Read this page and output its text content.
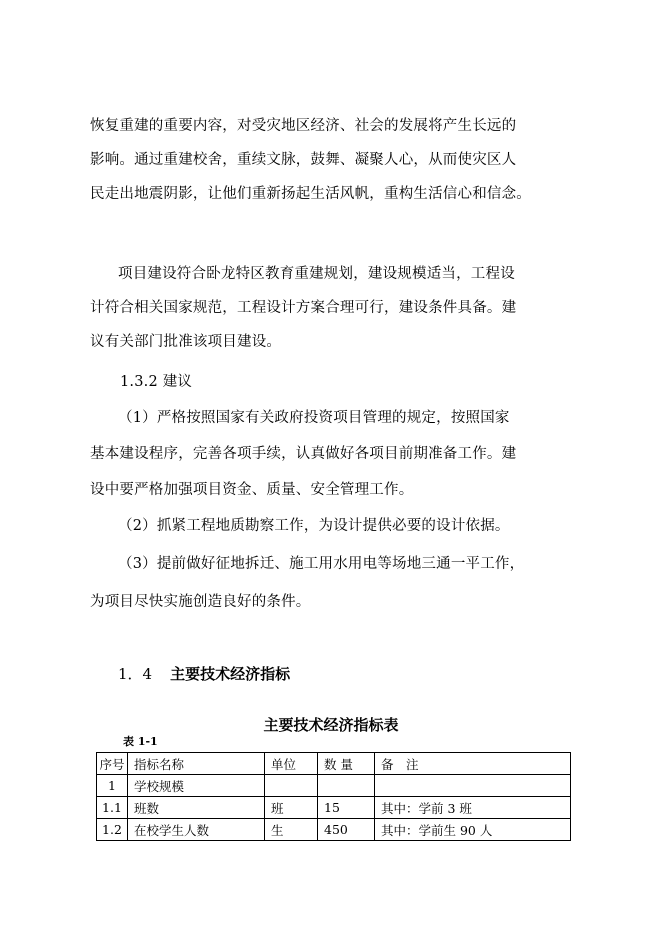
恢复重建的重要内容，对受灾地区经济、社会的发展将产生长远的
影响。通过重建校舍，重续文脉，鼓舞、凝聚人心，从而使灾区人
民走出地震阴影，让他们重新扬起生活风帆，重构生活信心和信念。
项目建设符合卧龙特区教育重建规划，建设规模适当，工程设
计符合相关国家规范，工程设计方案合理可行，建设条件具备。建
议有关部门批准该项目建设。
1.3.2 建议
（1）严格按照国家有关政府投资项目管理的规定，按照国家
基本建设程序，完善各项手续，认真做好各项目前期准备工作。建
设中要严格加强项目资金、质量、安全管理工作。
（2）抓紧工程地质勘察工作，为设计提供必要的设计依据。
（3）提前做好征地拆迁、施工用水用电等场地三通一平工作，
为项目尽快实施创造良好的条件。
1．4 主要技术经济指标
主要技术经济指标表
表 1-1
序号	指标名称	单位	数 量	备　注
1	学校规模			
1.1	班数	班	15	其中：学前 3 班
1.2	在校学生人数	生	450	其中：学前生 90 人
